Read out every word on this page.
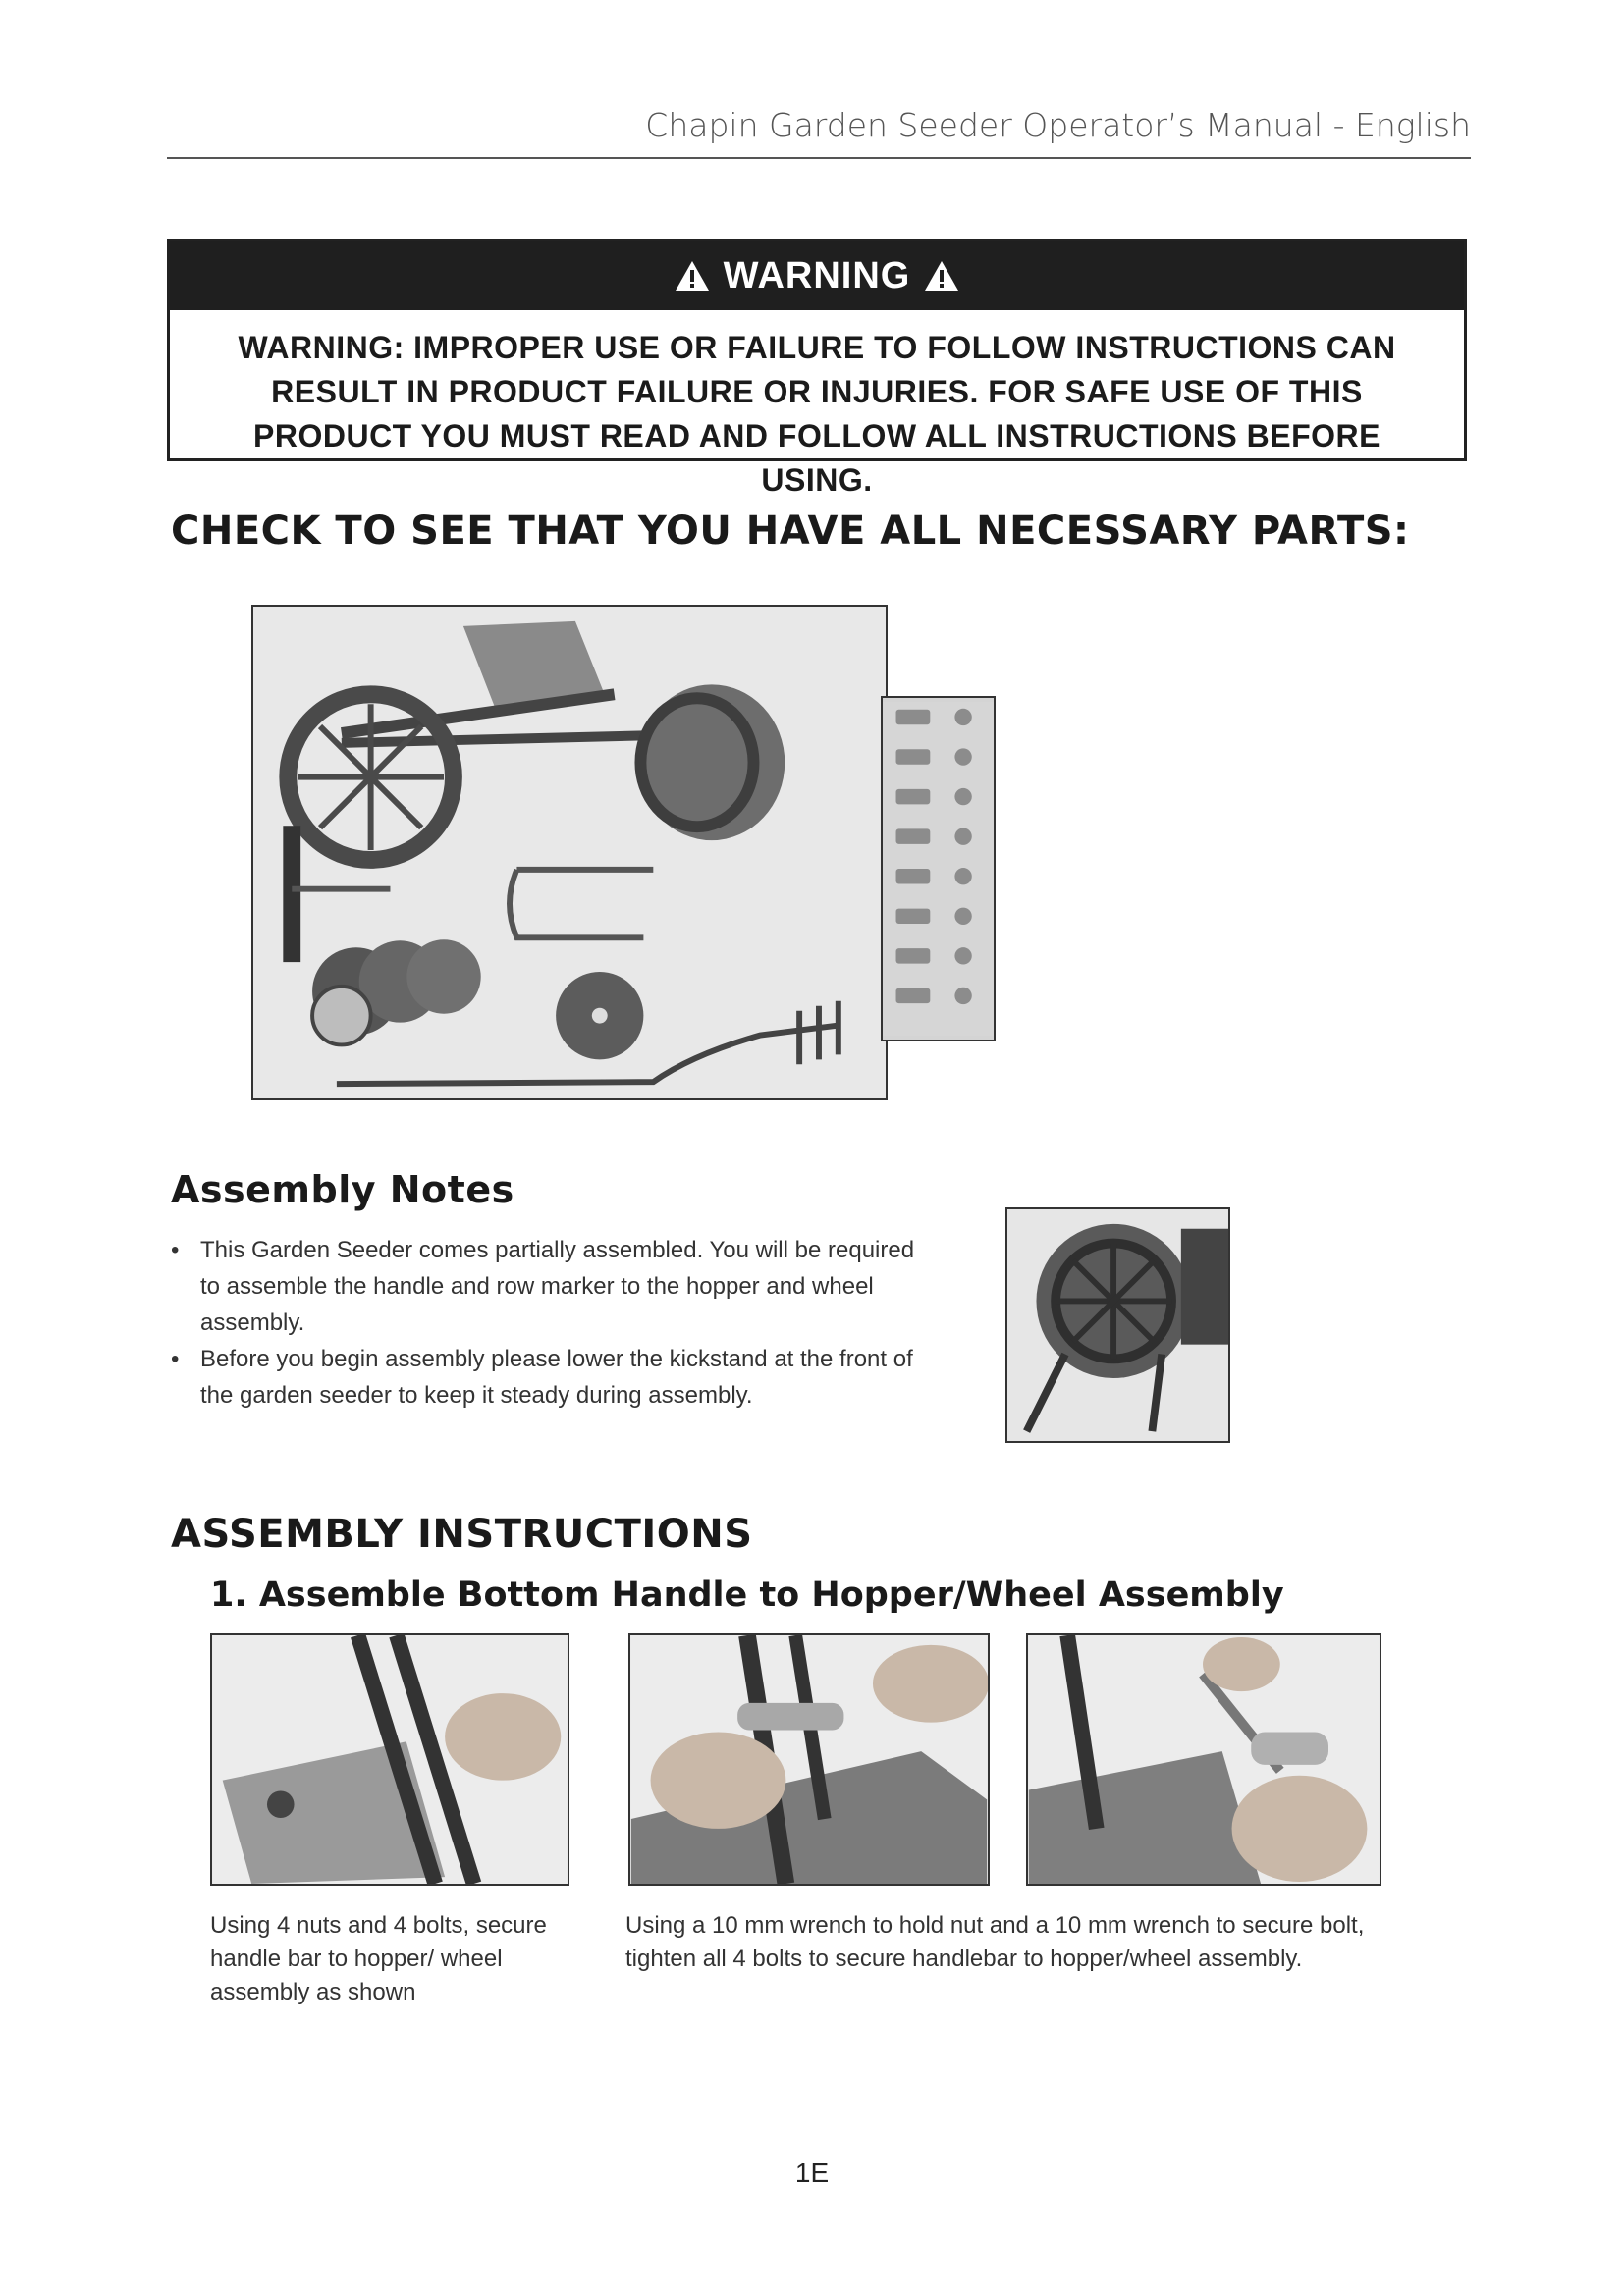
Chapin Garden Seeder Operator’s Manual - English
WARNING
WARNING: IMPROPER USE OR FAILURE TO FOLLOW INSTRUCTIONS CAN RESULT IN PRODUCT FAILURE OR INJURIES. FOR SAFE USE OF THIS PRODUCT YOU MUST READ AND FOLLOW ALL INSTRUCTIONS BEFORE USING.
CHECK TO SEE THAT YOU HAVE ALL NECESSARY PARTS:
Assembly Notes
• This Garden Seeder comes partially assembled. You will be required to assemble the handle and row marker to the hopper and wheel assembly.
• Before you begin assembly please lower the kickstand at the front of the garden seeder to keep it steady during assembly.
ASSEMBLY INSTRUCTIONS
1. Assemble Bottom Handle to Hopper/Wheel Assembly
Using 4 nuts and 4 bolts, secure handle bar to hopper/ wheel assembly as shown
Using a 10 mm wrench to hold nut and a 10 mm wrench to secure bolt, tighten all 4 bolts to secure handlebar to hopper/wheel assembly.
1E
